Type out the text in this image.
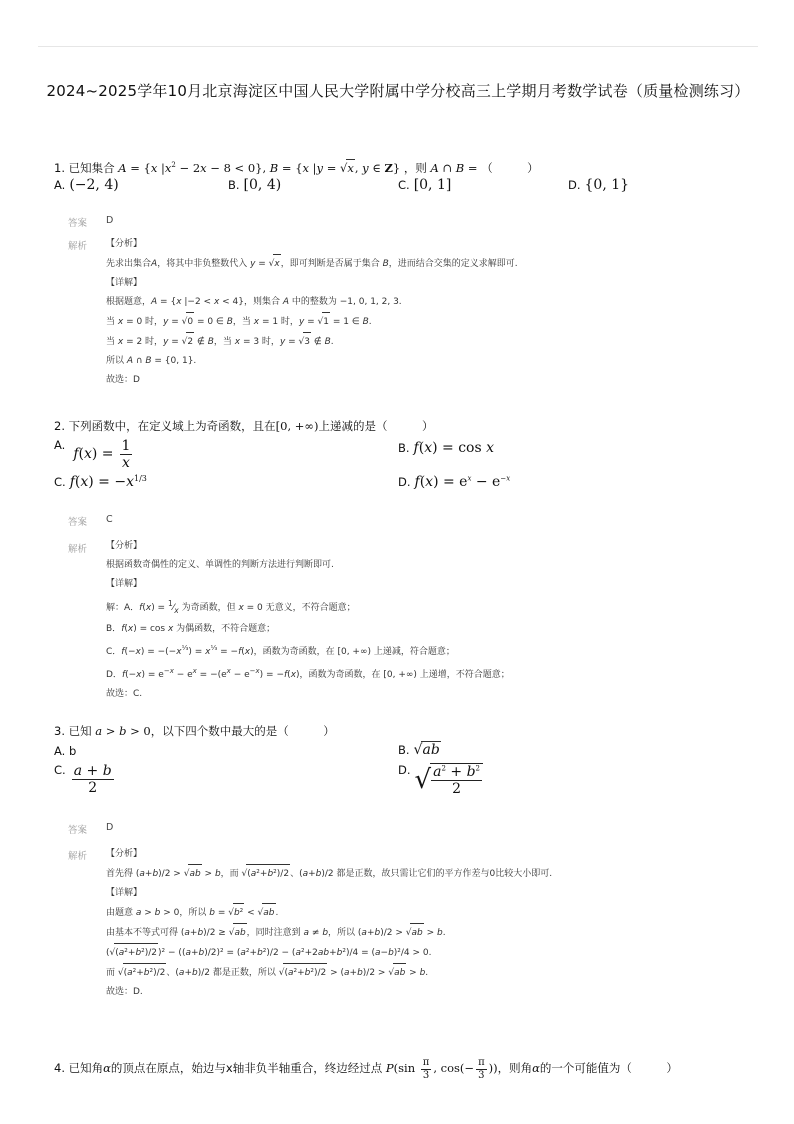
2024~2025学年10月北京海淀区中国人民大学附属中学分校高三上学期月考数学试卷（质量检测练习）
1. 已知集合 A = {x $|x^2 - 2x - 8 < 0$}, B = {x |y = √x, y ∈ Z} ，则 A ∩ B = （　　　）
A. (−2, 4)	B. [0, 4)	C. [0, 1]	D. {0, 1}
答案 D
解析 【分析】
先求出集合A，将其中非负整数代入 y = √x，即可判断是否属于集合 B，进而结合交集的定义求解即可.
【详解】
根据题意，A = {x |−2 < x < 4}，则集合 A 中的整数为 −1, 0, 1, 2, 3.
当 x = 0 时，y = √0 = 0 ∈ B，当 x = 1 时，y = √1 = 1 ∈ B.
当 x = 2 时，y = √2 ∉ B，当 x = 3 时，y = √3 ∉ B.
所以 A ∩ B = {0, 1}.
故选：D
2. 下列函数中，在定义域上为奇函数，且在[0, +∞)上递减的是（　　　）
A. $f(x) = \frac{1}{x}$	B. f(x) = cos x
C. $f(x) = -x^{1/3}$	D. $f(x) = e^x - e^{-x}$
答案 C
解析 【分析】
根据函数奇偶性的定义、单调性的判断方法进行判断即可.
【详解】
解：A．$f(x) = ^1⁄_x$ 为奇函数，但 x = 0 无意义，不符合题意；
B．f(x) = cos x 为偶函数，不符合题意；
C．$f(-x) = -(-x^{\frac{1}{3}}) = x^{\frac{1}{3}} = -f(x)$，函数为奇函数，在 [0, +∞) 上递减，符合题意；
D．$f(-x) = e^{-x} - e^x = -(e^x - e^{-x}) = -f(x)$，函数为奇函数，在 [0, +∞) 上递增，不符合题意；
故选：C.
3. 已知 a > b > 0，以下四个数中最大的是（　　　）
A. b	B. √ab
C. $\frac{a + b}{2}$	D. √ $\frac{a^2 + b^2}{2}$
答案 D
解析 【分析】
首先得 (a+b)/2 > √ab > b，而 √(a²+b²)/2、(a+b)/2 都是正数，故只需让它们的平方作差与0比较大小即可.
【详解】
由题意 a > b > 0，所以 b = √b² < √ab.
由基本不等式可得 (a+b)/2 ≥ √ab，同时注意到 a ≠ b，所以 (a+b)/2 > √ab > b.
(√(a²+b²)/2)² − ((a+b)/2)² = (a²+b²)/2 − (a²+2ab+b²)/4 = (a−b)²/4 > 0.
而 √(a²+b²)/2、(a+b)/2 都是正数，所以 √(a²+b²)/2 > (a+b)/2 > √ab > b.
故选：D.
4. 已知角α的顶点在原点，始边与x轴非负半轴重合，终边经过点 $P(\sin \frac{\pi}{3}$ , $\cos(- \frac{\pi}{3}$ ))，则角α的一个可能值为（　　　）
